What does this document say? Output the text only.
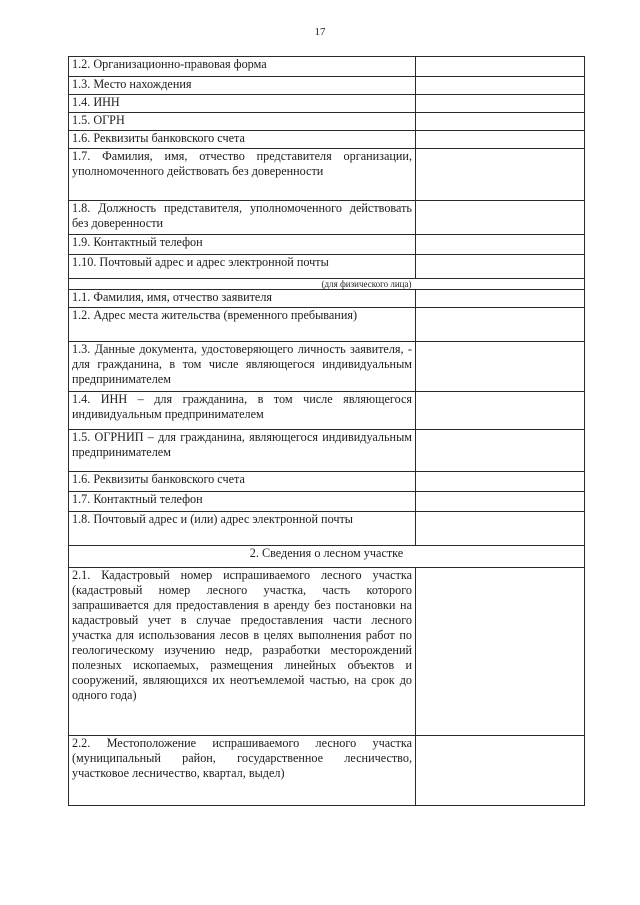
17
1.2. Организационно-правовая форма	
1.3. Место нахождения	
1.4. ИНН	
1.5. ОГРН	
1.6. Реквизиты банковского счета	
1.7. Фамилия, имя, отчество представителя организации, уполномоченного действовать без доверенности	
1.8. Должность представителя, уполномоченного действовать без доверенности	
1.9. Контактный телефон	
1.10. Почтовый адрес и адрес электронной почты	
(для физического лица)	
1.1. Фамилия, имя, отчество заявителя	
1.2. Адрес места жительства (временного пребывания)	
1.3. Данные документа, удостоверяющего личность заявителя, - для гражданина, в том числе являющегося индивидуальным предпринимателем	
1.4. ИНН – для гражданина, в том числе являющегося индивидуальным предпринимателем	
1.5. ОГРНИП – для гражданина, являющегося индивидуальным предпринимателем	
1.6. Реквизиты банковского счета	
1.7. Контактный телефон	
1.8. Почтовый адрес и (или) адрес электронной почты	
2. Сведения о лесном участке	
2.1. Кадастровый номер испрашиваемого лесного участка (кадастровый номер лесного участка, часть которого запрашивается для предоставления в аренду без постановки на кадастровый учет в случае предоставления части лесного участка для использования лесов в целях выполнения работ по геологическому изучению недр, разработки месторождений полезных ископаемых, размещения линейных объектов и сооружений, являющихся их неотъемлемой частью, на срок до одного года)	
2.2. Местоположение испрашиваемого лесного участка (муниципальный район, государственное лесничество, участковое лесничество, квартал, выдел)	
